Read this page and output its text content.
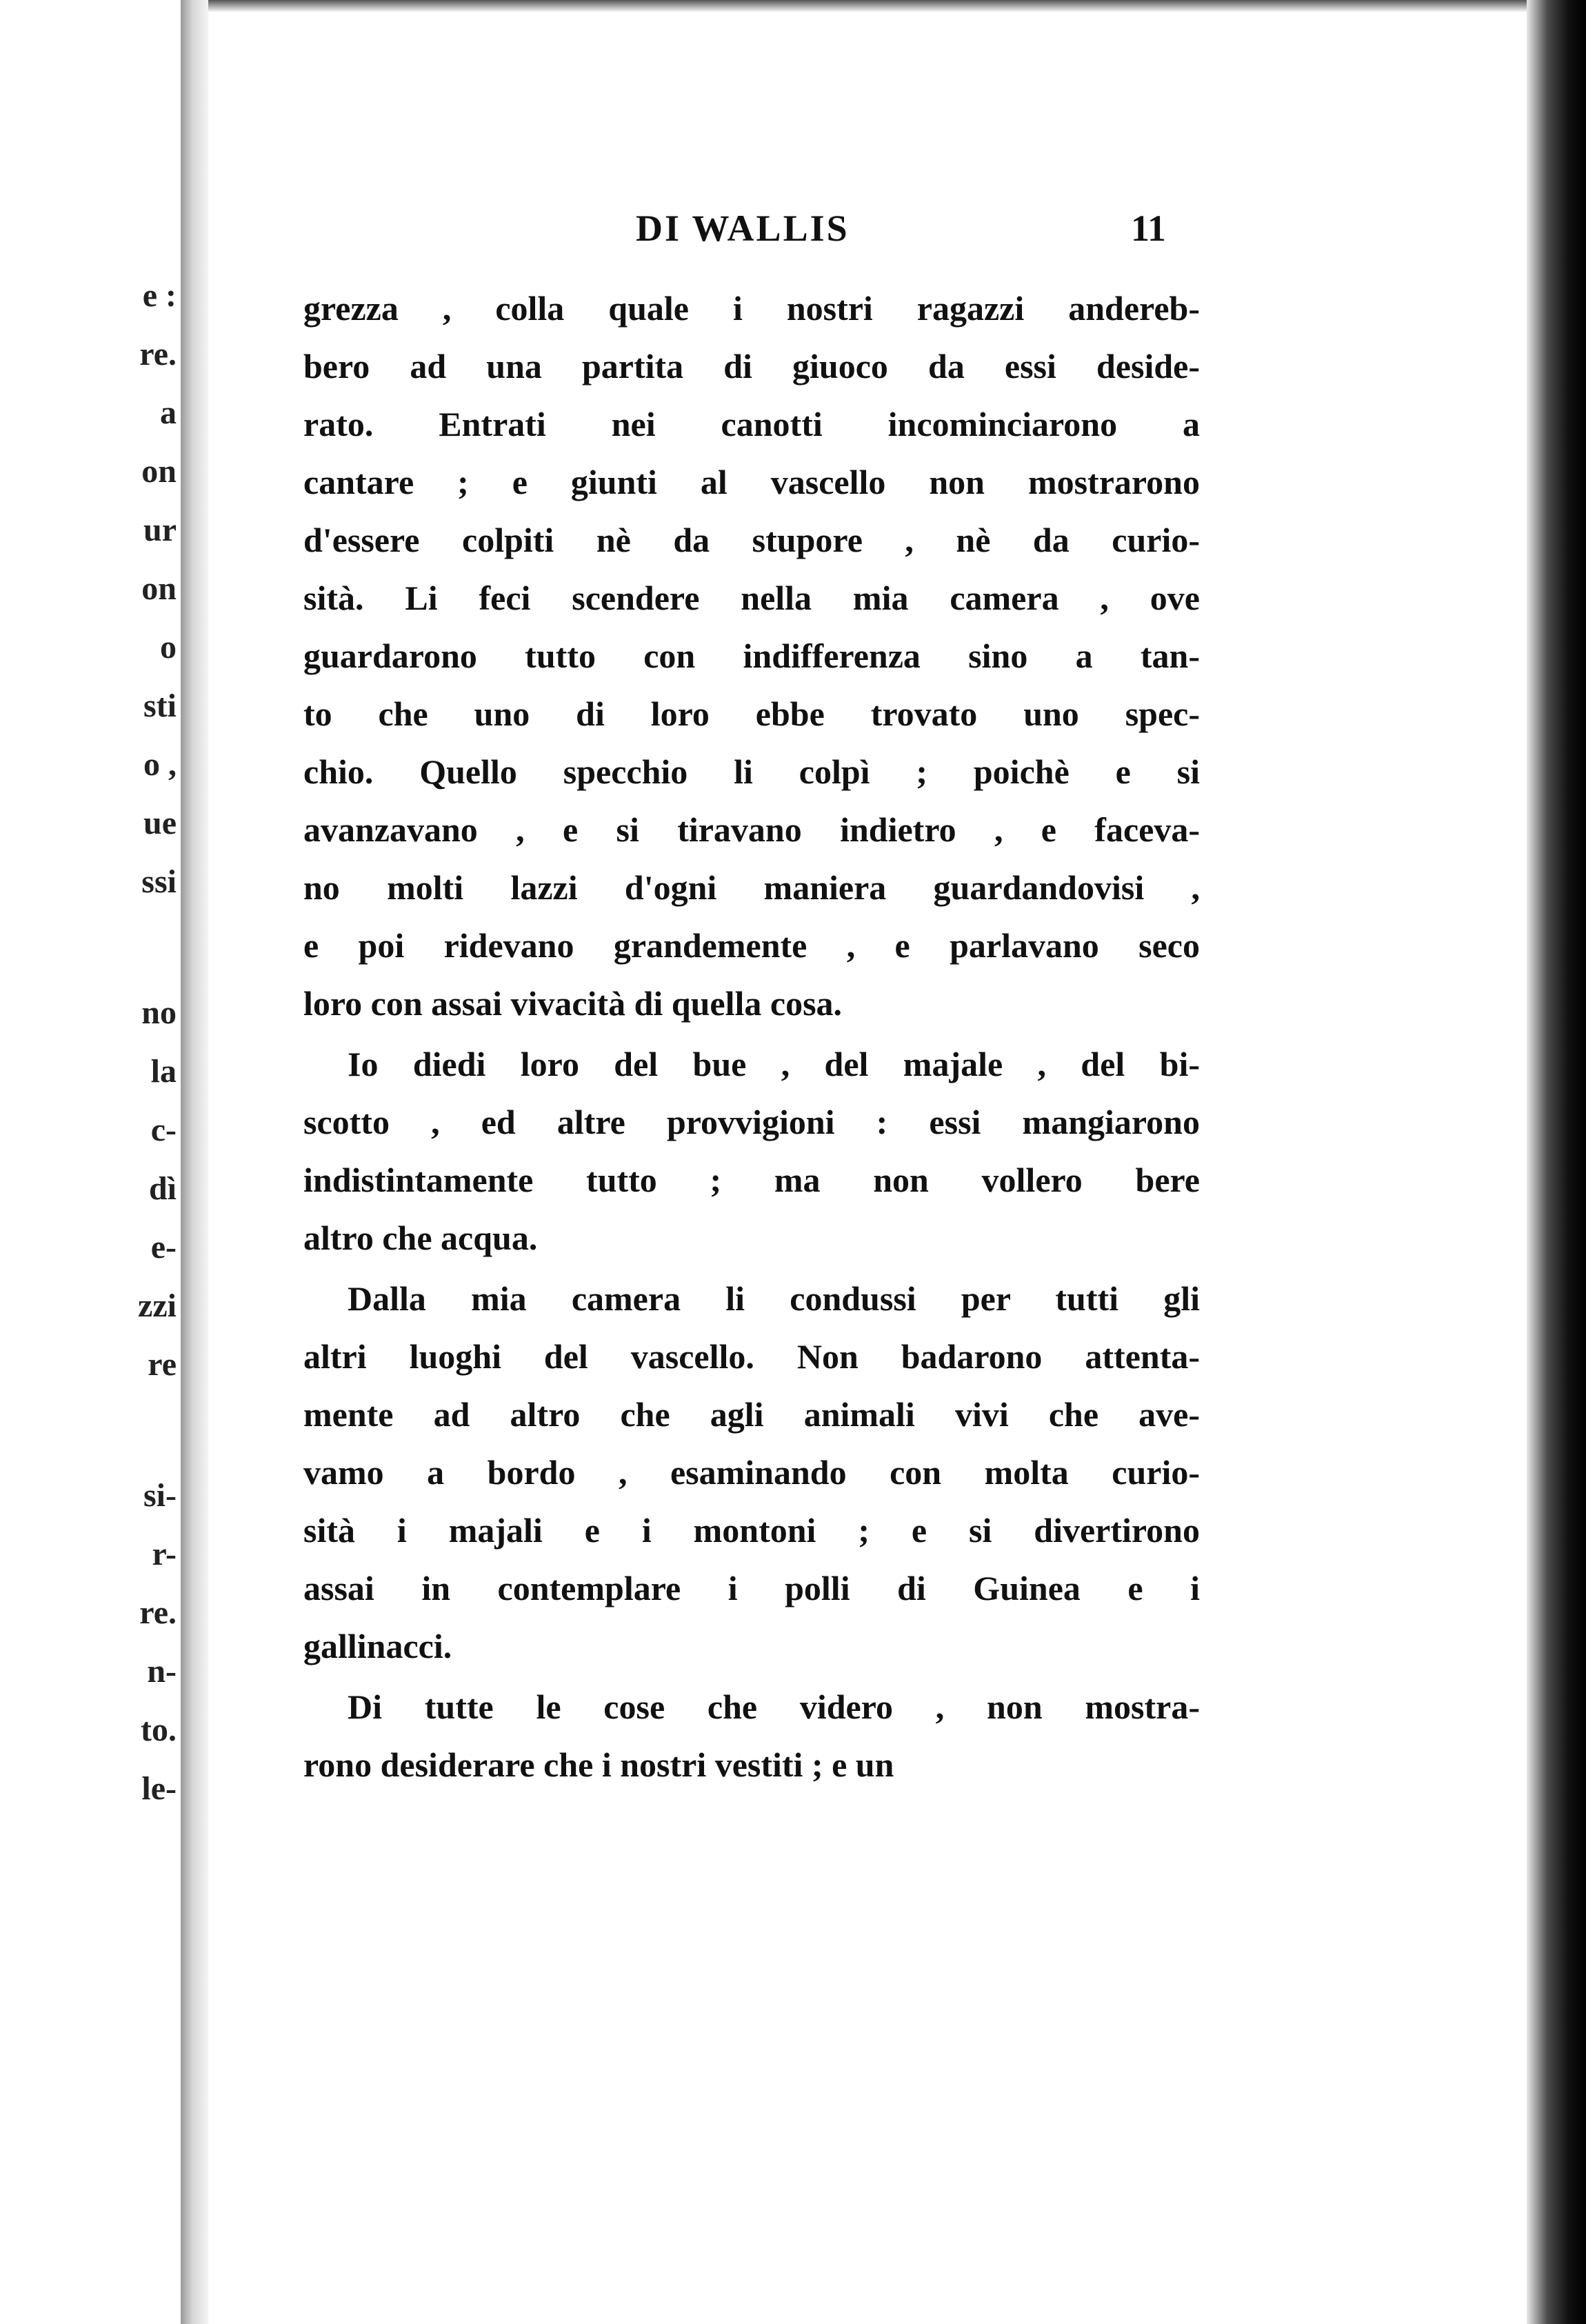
e :
re.
a
on
ur
on
o
sti
o ,
ue
ssi
no
la
c-
dì
e-
zzi
re
si-
r-
re.
n-
to.
le-
DI WALLIS	11
grezza , colla quale i nostri ragazzi andereb-
bero ad una partita di giuoco da essi deside-
rato. Entrati nei canotti incominciarono a
cantare ; e giunti al vascello non mostrarono
d'essere colpiti nè da stupore , nè da curio-
sità. Li feci scendere nella mia camera , ove
guardarono tutto con indifferenza sino a tan-
to che uno di loro ebbe trovato uno spec-
chio. Quello specchio li colpì ; poichè e si
avanzavano , e si tiravano indietro , e faceva-
no molti lazzi d'ogni maniera guardandovisi ,
e poi ridevano grandemente , e parlavano seco
loro con assai vivacità di quella cosa.
Io diedi loro del bue , del majale , del bi-
scotto , ed altre provvigioni : essi mangiarono
indistintamente tutto ; ma non vollero bere
altro che acqua.
Dalla mia camera li condussi per tutti gli
altri luoghi del vascello. Non badarono attenta-
mente ad altro che agli animali vivi che ave-
vamo a bordo , esaminando con molta curio-
sità i majali e i montoni ; e si divertirono
assai in contemplare i polli di Guinea e i
gallinacci.
Di tutte le cose che videro , non mostra-
rono desiderare che i nostri vestiti ; e un
